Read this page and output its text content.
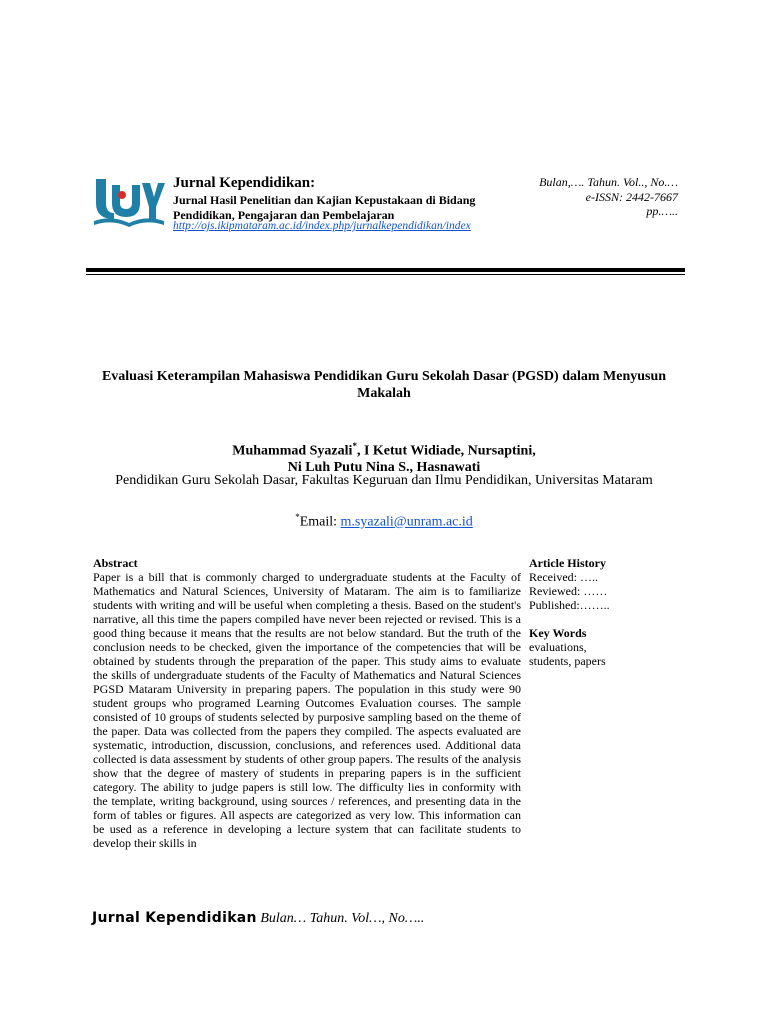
Jurnal Kependidikan:
Jurnal Hasil Penelitian dan Kajian Kepustakaan di Bidang Pendidikan, Pengajaran dan Pembelajaran
http://ojs.ikipmataram.ac.id/index.php/jurnalkependidikan/index
Bulan,…. Tahun. Vol.., No.…
e-ISSN: 2442-7667
pp.…..
Evaluasi Keterampilan Mahasiswa Pendidikan Guru Sekolah Dasar (PGSD) dalam Menyusun Makalah
Muhammad Syazali*, I Ketut Widiade, Nursaptini,
Ni Luh Putu Nina S., Hasnawati
Pendidikan Guru Sekolah Dasar, Fakultas Keguruan dan Ilmu Pendidikan, Universitas Mataram
*Email: m.syazali@unram.ac.id
Abstract
Paper is a bill that is commonly charged to undergraduate students at the Faculty of Mathematics and Natural Sciences, University of Mataram. The aim is to familiarize students with writing and will be useful when completing a thesis. Based on the student's narrative, all this time the papers compiled have never been rejected or revised. This is a good thing because it means that the results are not below standard. But the truth of the conclusion needs to be checked, given the importance of the competencies that will be obtained by students through the preparation of the paper. This study aims to evaluate the skills of undergraduate students of the Faculty of Mathematics and Natural Sciences PGSD Mataram University in preparing papers. The population in this study were 90 student groups who programed Learning Outcomes Evaluation courses. The sample consisted of 10 groups of students selected by purposive sampling based on the theme of the paper. Data was collected from the papers they compiled. The aspects evaluated are systematic, introduction, discussion, conclusions, and references used. Additional data collected is data assessment by students of other group papers. The results of the analysis show that the degree of mastery of students in preparing papers is in the sufficient category. The ability to judge papers is still low. The difficulty lies in conformity with the template, writing background, using sources / references, and presenting data in the form of tables or figures. All aspects are categorized as very low. This information can be used as a reference in developing a lecture system that can facilitate students to develop their skills in
Article History
Received: …..
Reviewed: ……
Published:……..
Key Words
evaluations,
students, papers
Jurnal Kependidikan Bulan… Tahun. Vol…, No…..
